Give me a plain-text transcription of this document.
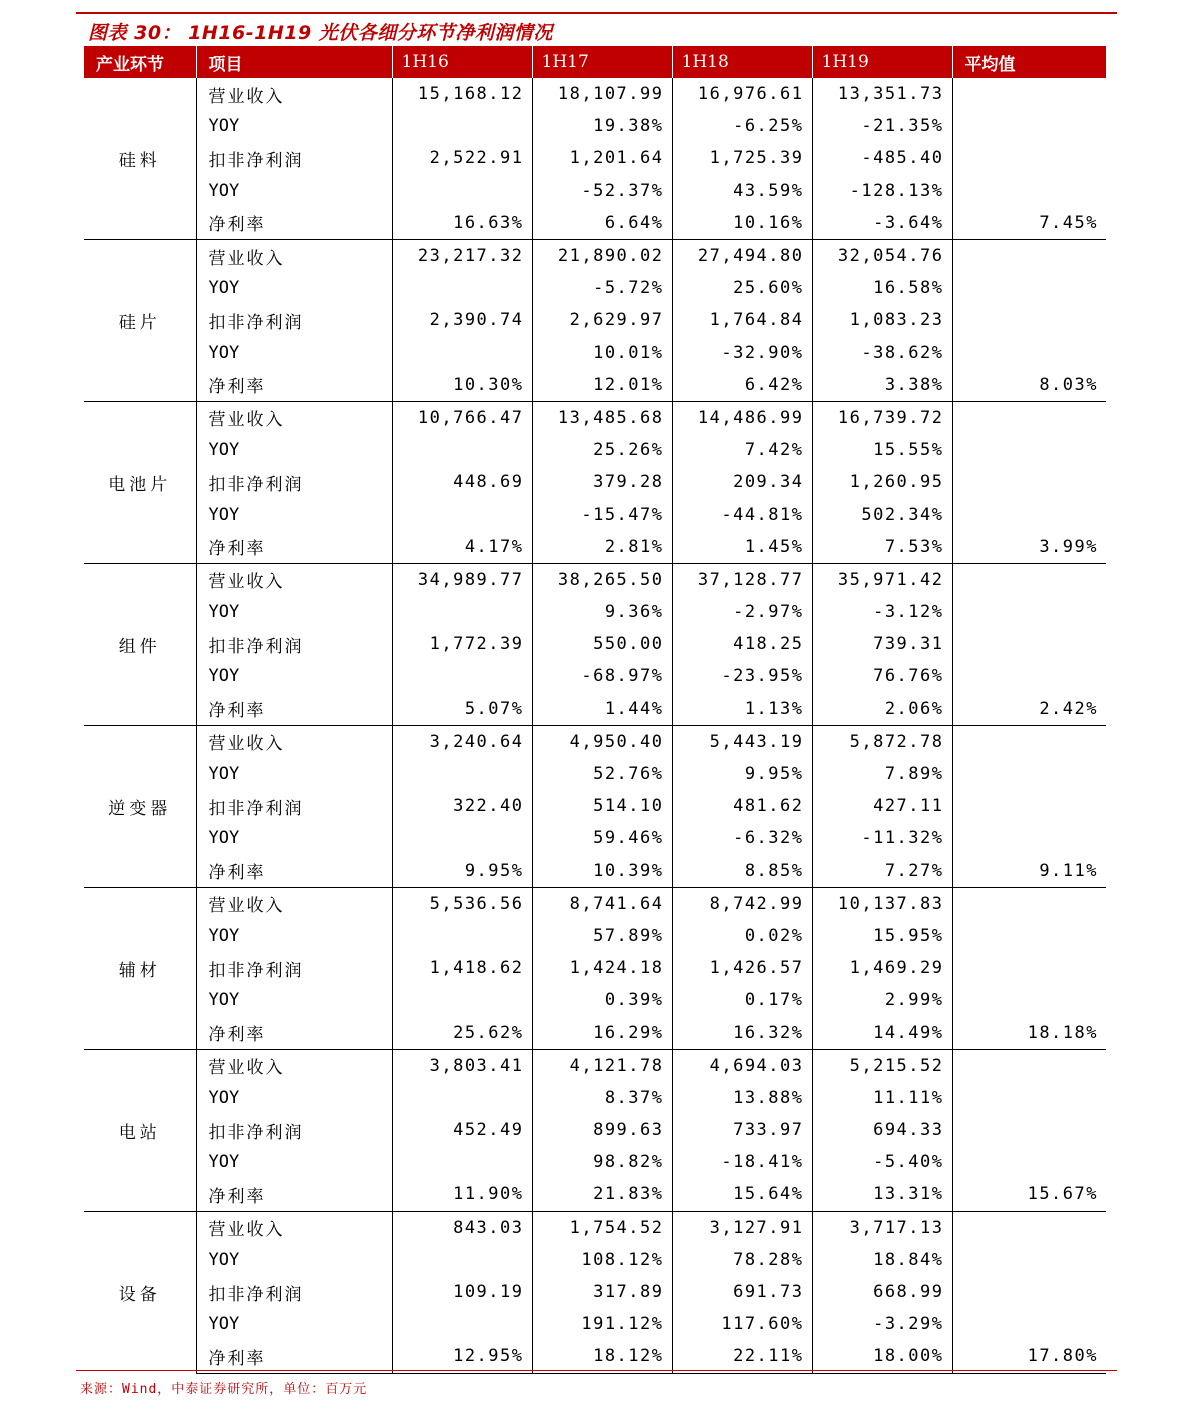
图表 30： 1H16-1H19 光伏各细分环节净利润情况
产业环节	项目	1H16	1H17	1H18	1H19	平均值
硅料	营业收入	15,168.12	18,107.99	16,976.61	13,351.73	
	YOY		19.38%	-6.25%	-21.35%	
	扣非净利润	2,522.91	1,201.64	1,725.39	-485.40	
	YOY		-52.37%	43.59%	-128.13%	
	净利率	16.63%	6.64%	10.16%	-3.64%	7.45%
硅片	营业收入	23,217.32	21,890.02	27,494.80	32,054.76	
	YOY		-5.72%	25.60%	16.58%	
	扣非净利润	2,390.74	2,629.97	1,764.84	1,083.23	
	YOY		10.01%	-32.90%	-38.62%	
	净利率	10.30%	12.01%	6.42%	3.38%	8.03%
电池片	营业收入	10,766.47	13,485.68	14,486.99	16,739.72	
	YOY		25.26%	7.42%	15.55%	
	扣非净利润	448.69	379.28	209.34	1,260.95	
	YOY		-15.47%	-44.81%	502.34%	
	净利率	4.17%	2.81%	1.45%	7.53%	3.99%
组件	营业收入	34,989.77	38,265.50	37,128.77	35,971.42	
	YOY		9.36%	-2.97%	-3.12%	
	扣非净利润	1,772.39	550.00	418.25	739.31	
	YOY		-68.97%	-23.95%	76.76%	
	净利率	5.07%	1.44%	1.13%	2.06%	2.42%
逆变器	营业收入	3,240.64	4,950.40	5,443.19	5,872.78	
	YOY		52.76%	9.95%	7.89%	
	扣非净利润	322.40	514.10	481.62	427.11	
	YOY		59.46%	-6.32%	-11.32%	
	净利率	9.95%	10.39%	8.85%	7.27%	9.11%
辅材	营业收入	5,536.56	8,741.64	8,742.99	10,137.83	
	YOY		57.89%	0.02%	15.95%	
	扣非净利润	1,418.62	1,424.18	1,426.57	1,469.29	
	YOY		0.39%	0.17%	2.99%	
	净利率	25.62%	16.29%	16.32%	14.49%	18.18%
电站	营业收入	3,803.41	4,121.78	4,694.03	5,215.52	
	YOY		8.37%	13.88%	11.11%	
	扣非净利润	452.49	899.63	733.97	694.33	
	YOY		98.82%	-18.41%	-5.40%	
	净利率	11.90%	21.83%	15.64%	13.31%	15.67%
设备	营业收入	843.03	1,754.52	3,127.91	3,717.13	
	YOY		108.12%	78.28%	18.84%	
	扣非净利润	109.19	317.89	691.73	668.99	
	YOY		191.12%	117.60%	-3.29%	
	净利率	12.95%	18.12%	22.11%	18.00%	17.80%
来源：Wind，中泰证券研究所，单位：百万元
